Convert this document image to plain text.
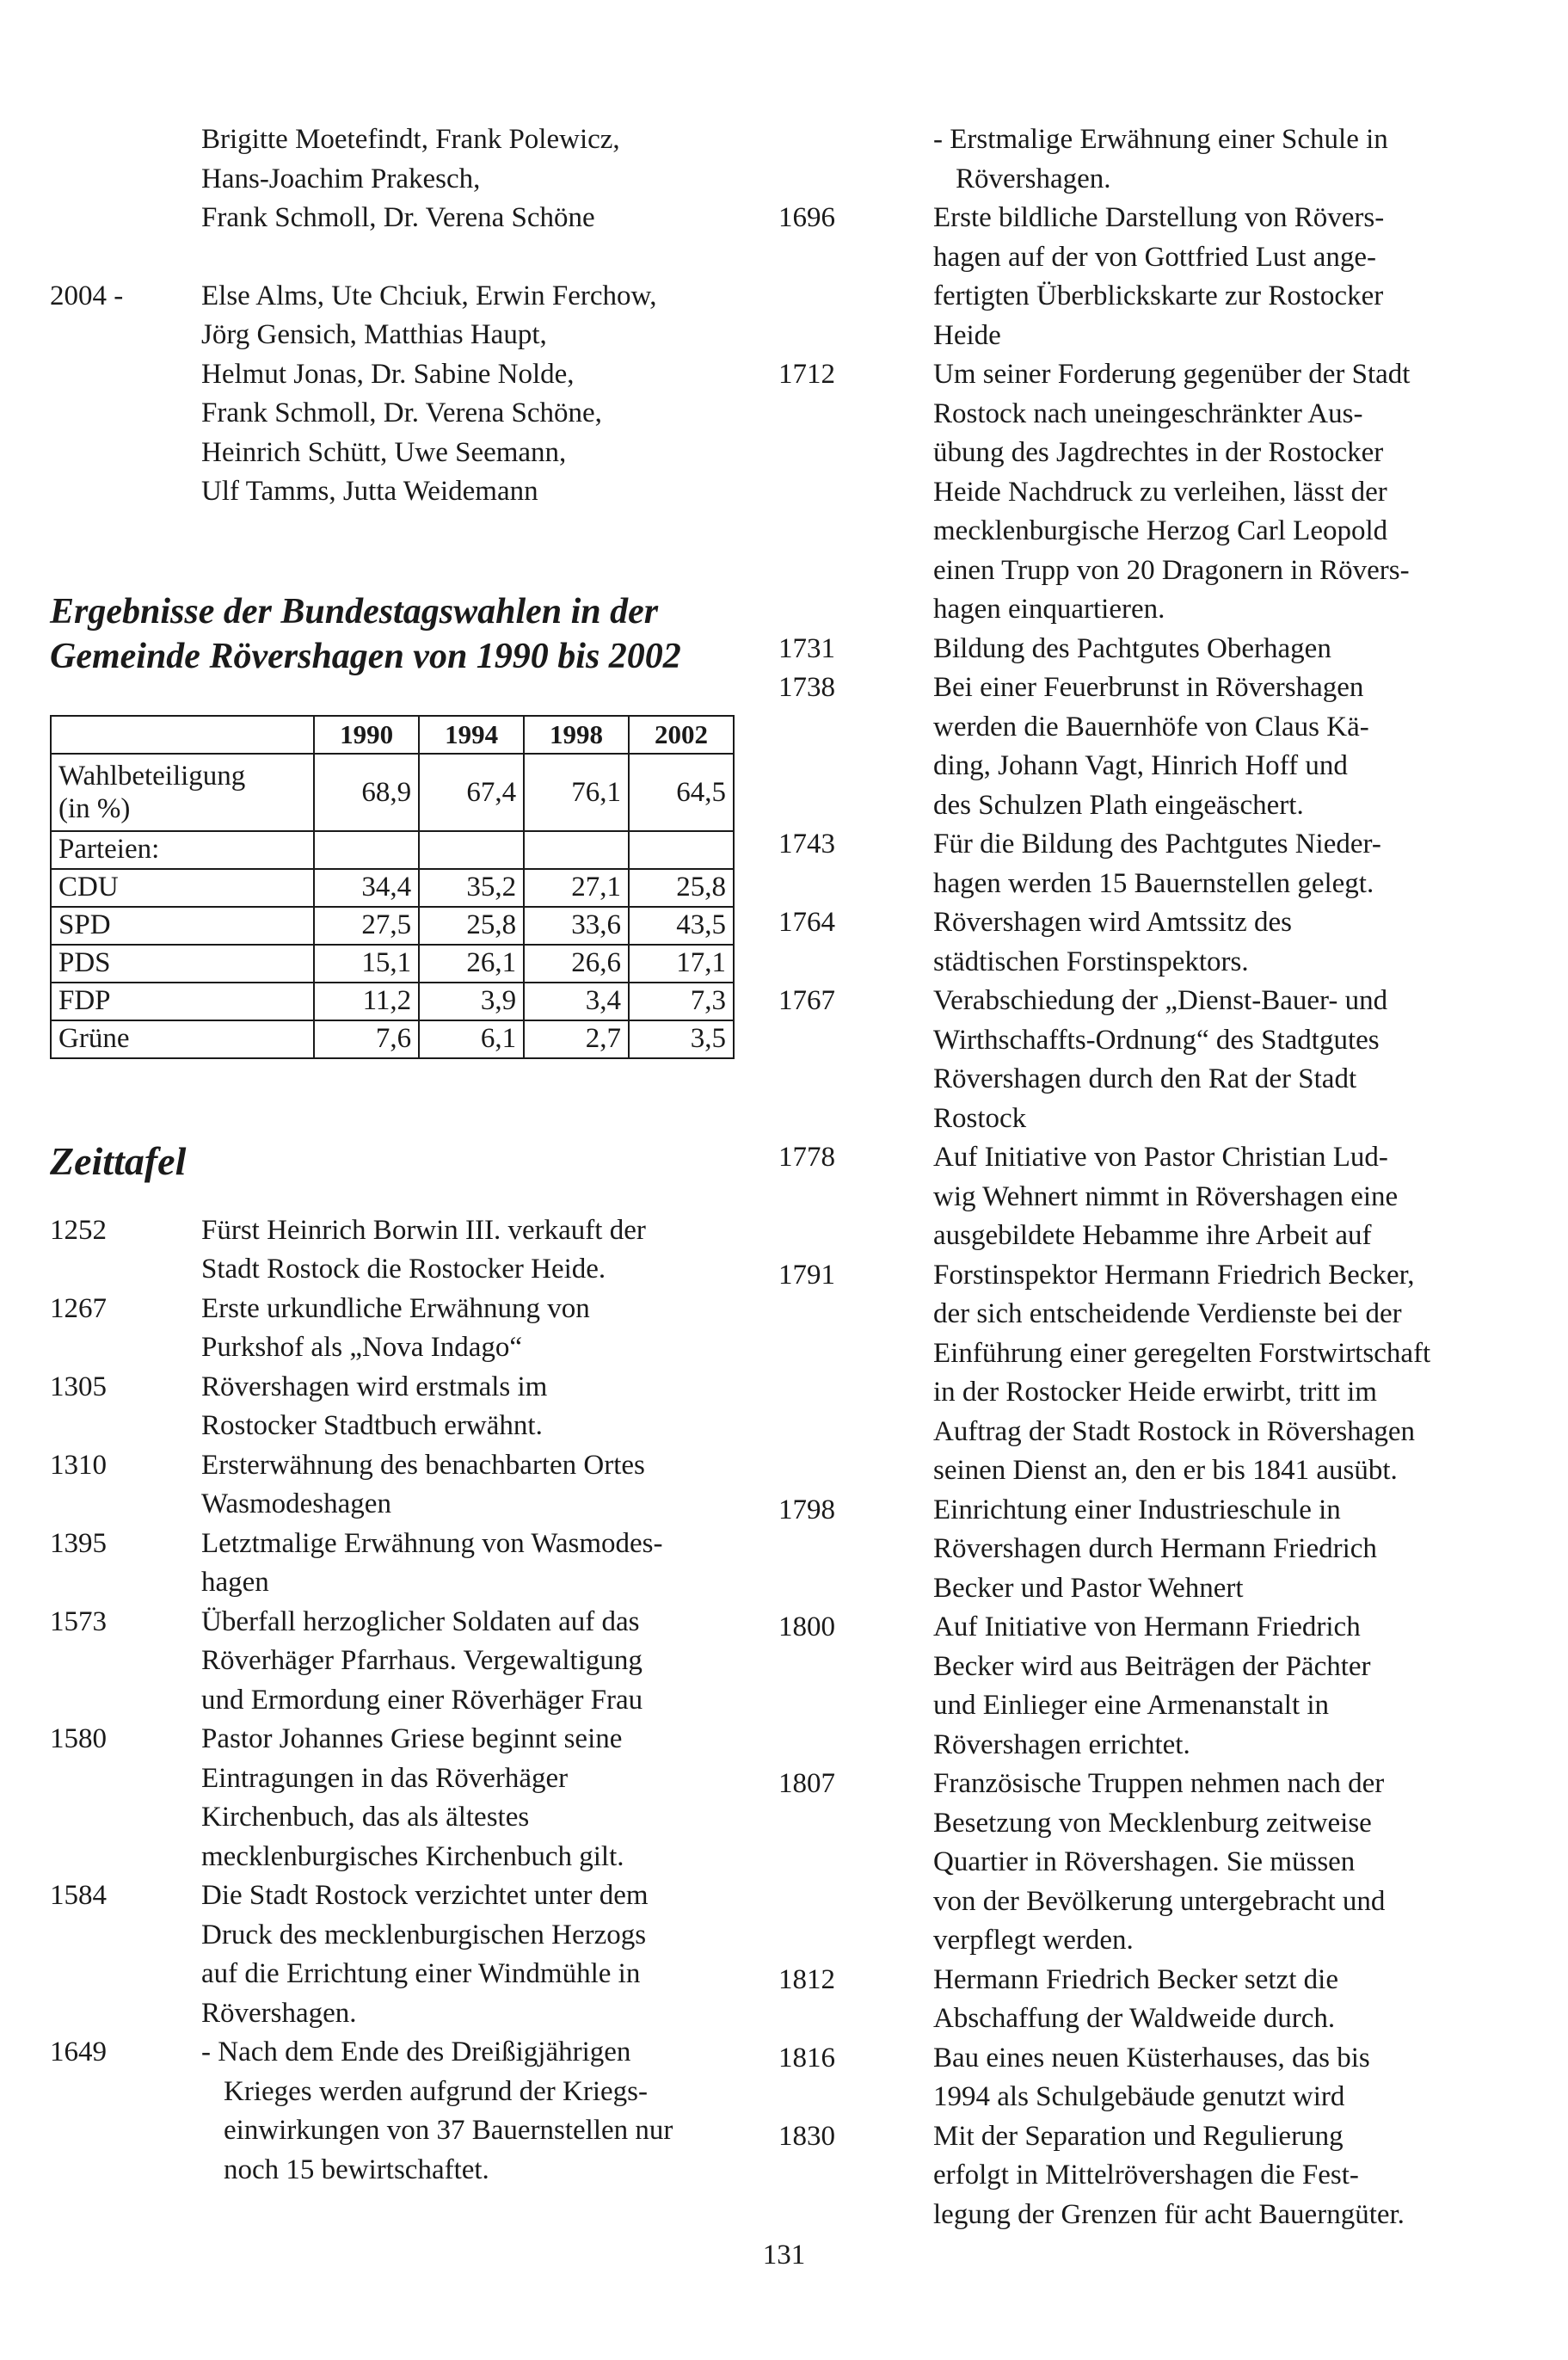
Brigitte Moetefindt, Frank Polewicz,
Hans-Joachim Prakesch,
Frank Schmoll, Dr. Verena Schöne
2004 -	Else Alms, Ute Chciuk, Erwin Ferchow,
Jörg Gensich, Matthias Haupt,
Helmut Jonas, Dr. Sabine Nolde,
Frank Schmoll, Dr. Verena Schöne,
Heinrich Schütt, Uwe Seemann,
Ulf Tamms, Jutta Weidemann
Ergebnisse der Bundestagswahlen in der
Gemeinde Rövershagen von 1990 bis 2002
	1990	1994	1998	2002

Wahlbeteiligung
(in %)	68,9	67,4	76,1	64,5
Parteien:				
CDU	34,4	35,2	27,1	25,8
SPD	27,5	25,8	33,6	43,5
PDS	15,1	26,1	26,6	17,1
FDP	11,2	3,9	3,4	7,3
Grüne	7,6	6,1	2,7	3,5
Zeittafel
1252	Fürst Heinrich Borwin III. verkauft der
Stadt Rostock die Rostocker Heide.
1267	Erste urkundliche Erwähnung von
Purkshof als „Nova Indago“
1305	Rövershagen wird erstmals im
Rostocker Stadtbuch erwähnt.
1310	Ersterwähnung des benachbarten Ortes
Wasmodeshagen
1395	Letztmalige Erwähnung von Wasmodes-
hagen
1573	Überfall herzoglicher Soldaten auf das
Röverhäger Pfarrhaus. Vergewaltigung
und Ermordung einer Röverhäger Frau
1580	Pastor Johannes Griese beginnt seine
Eintragungen in das Röverhäger
Kirchenbuch, das als ältestes
mecklenburgisches Kirchenbuch gilt.
1584	Die Stadt Rostock verzichtet unter dem
Druck des mecklenburgischen Herzogs
auf die Errichtung einer Windmühle in
Rövershagen.
1649	- Nach dem Ende des Dreißigjährigen
Krieges werden aufgrund der Kriegs-
einwirkungen von 37 Bauernstellen nur
noch 15 bewirtschaftet.
- Erstmalige Erwähnung einer Schule in
Rövershagen.
1696	Erste bildliche Darstellung von Rövers-
hagen auf der von Gottfried Lust ange-
fertigten Überblickskarte zur Rostocker
Heide
1712	Um seiner Forderung gegenüber der Stadt
Rostock nach uneingeschränkter Aus-
übung des Jagdrechtes in der Rostocker
Heide Nachdruck zu verleihen, lässt der
mecklenburgische Herzog Carl Leopold
einen Trupp von 20 Dragonern in Rövers-
hagen einquartieren.
1731	Bildung des Pachtgutes Oberhagen
1738	Bei einer Feuerbrunst in Rövershagen
werden die Bauernhöfe von Claus Kä-
ding, Johann Vagt, Hinrich Hoff und
des Schulzen Plath eingeäschert.
1743	Für die Bildung des Pachtgutes Nieder-
hagen werden 15 Bauernstellen gelegt.
1764	Rövershagen wird Amtssitz des
städtischen Forstinspektors.
1767	Verabschiedung der „Dienst-Bauer- und
Wirthschaffts-Ordnung“ des Stadtgutes
Rövershagen durch den Rat der Stadt
Rostock
1778	Auf Initiative von Pastor Christian Lud-
wig Wehnert nimmt in Rövershagen eine
ausgebildete Hebamme ihre Arbeit auf
1791	Forstinspektor Hermann Friedrich Becker,
der sich entscheidende Verdienste bei der
Einführung einer geregelten Forstwirtschaft
in der Rostocker Heide erwirbt, tritt im
Auftrag der Stadt Rostock in Rövershagen
seinen Dienst an, den er bis 1841 ausübt.
1798	Einrichtung einer Industrieschule in
Rövershagen durch Hermann Friedrich
Becker und Pastor Wehnert
1800	Auf Initiative von Hermann Friedrich
Becker wird aus Beiträgen der Pächter
und Einlieger eine Armenanstalt in
Rövershagen errichtet.
1807	Französische Truppen nehmen nach der
Besetzung von Mecklenburg zeitweise
Quartier in Rövershagen. Sie müssen
von der Bevölkerung untergebracht und
verpflegt werden.
1812	Hermann Friedrich Becker setzt die
Abschaffung der Waldweide durch.
1816	Bau eines neuen Küsterhauses, das bis
1994 als Schulgebäude genutzt wird
1830	Mit der Separation und Regulierung
erfolgt in Mittelrövershagen die Fest-
legung der Grenzen für acht Bauerngüter.
131
